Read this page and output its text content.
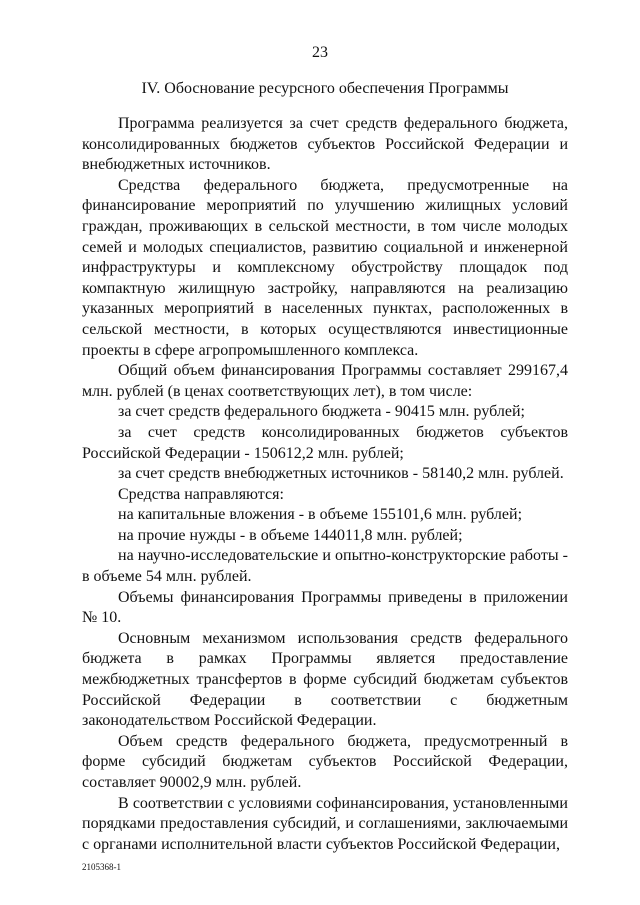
23
IV. Обоснование ресурсного обеспечения Программы

Программа реализуется за счет средств федерального бюджета, консолидированных бюджетов субъектов Российской Федерации и внебюджетных источников.

Средства федерального бюджета, предусмотренные на финансирование мероприятий по улучшению жилищных условий граждан, проживающих в сельской местности, в том числе молодых семей и молодых специалистов, развитию социальной и инженерной инфраструктуры и комплексному обустройству площадок под компактную жилищную застройку, направляются на реализацию указанных мероприятий в населенных пунктах, расположенных в сельской местности, в которых осуществляются инвестиционные проекты в сфере агропромышленного комплекса.

Общий объем финансирования Программы составляет 299167,4 млн. рублей (в ценах соответствующих лет), в том числе:

за счет средств федерального бюджета - 90415 млн. рублей;

за счет средств консолидированных бюджетов субъектов Российской Федерации - 150612,2 млн. рублей;

за счет средств внебюджетных источников - 58140,2 млн. рублей.

Средства направляются:

на капитальные вложения - в объеме 155101,6 млн. рублей;

на прочие нужды - в объеме 144011,8 млн. рублей;

на научно-исследовательские и опытно-конструкторские работы - в объеме 54 млн. рублей.

Объемы финансирования Программы приведены в приложении № 10.

Основным механизмом использования средств федерального бюджета в рамках Программы является предоставление межбюджетных трансфертов в форме субсидий бюджетам субъектов Российской Федерации в соответствии с бюджетным законодательством Российской Федерации.

Объем средств федерального бюджета, предусмотренный в форме субсидий бюджетам субъектов Российской Федерации, составляет 90002,9 млн. рублей.

В соответствии с условиями софинансирования, установленными порядками предоставления субсидий, и соглашениями, заключаемыми с органами исполнительной власти субъектов Российской Федерации,

2105368-1
